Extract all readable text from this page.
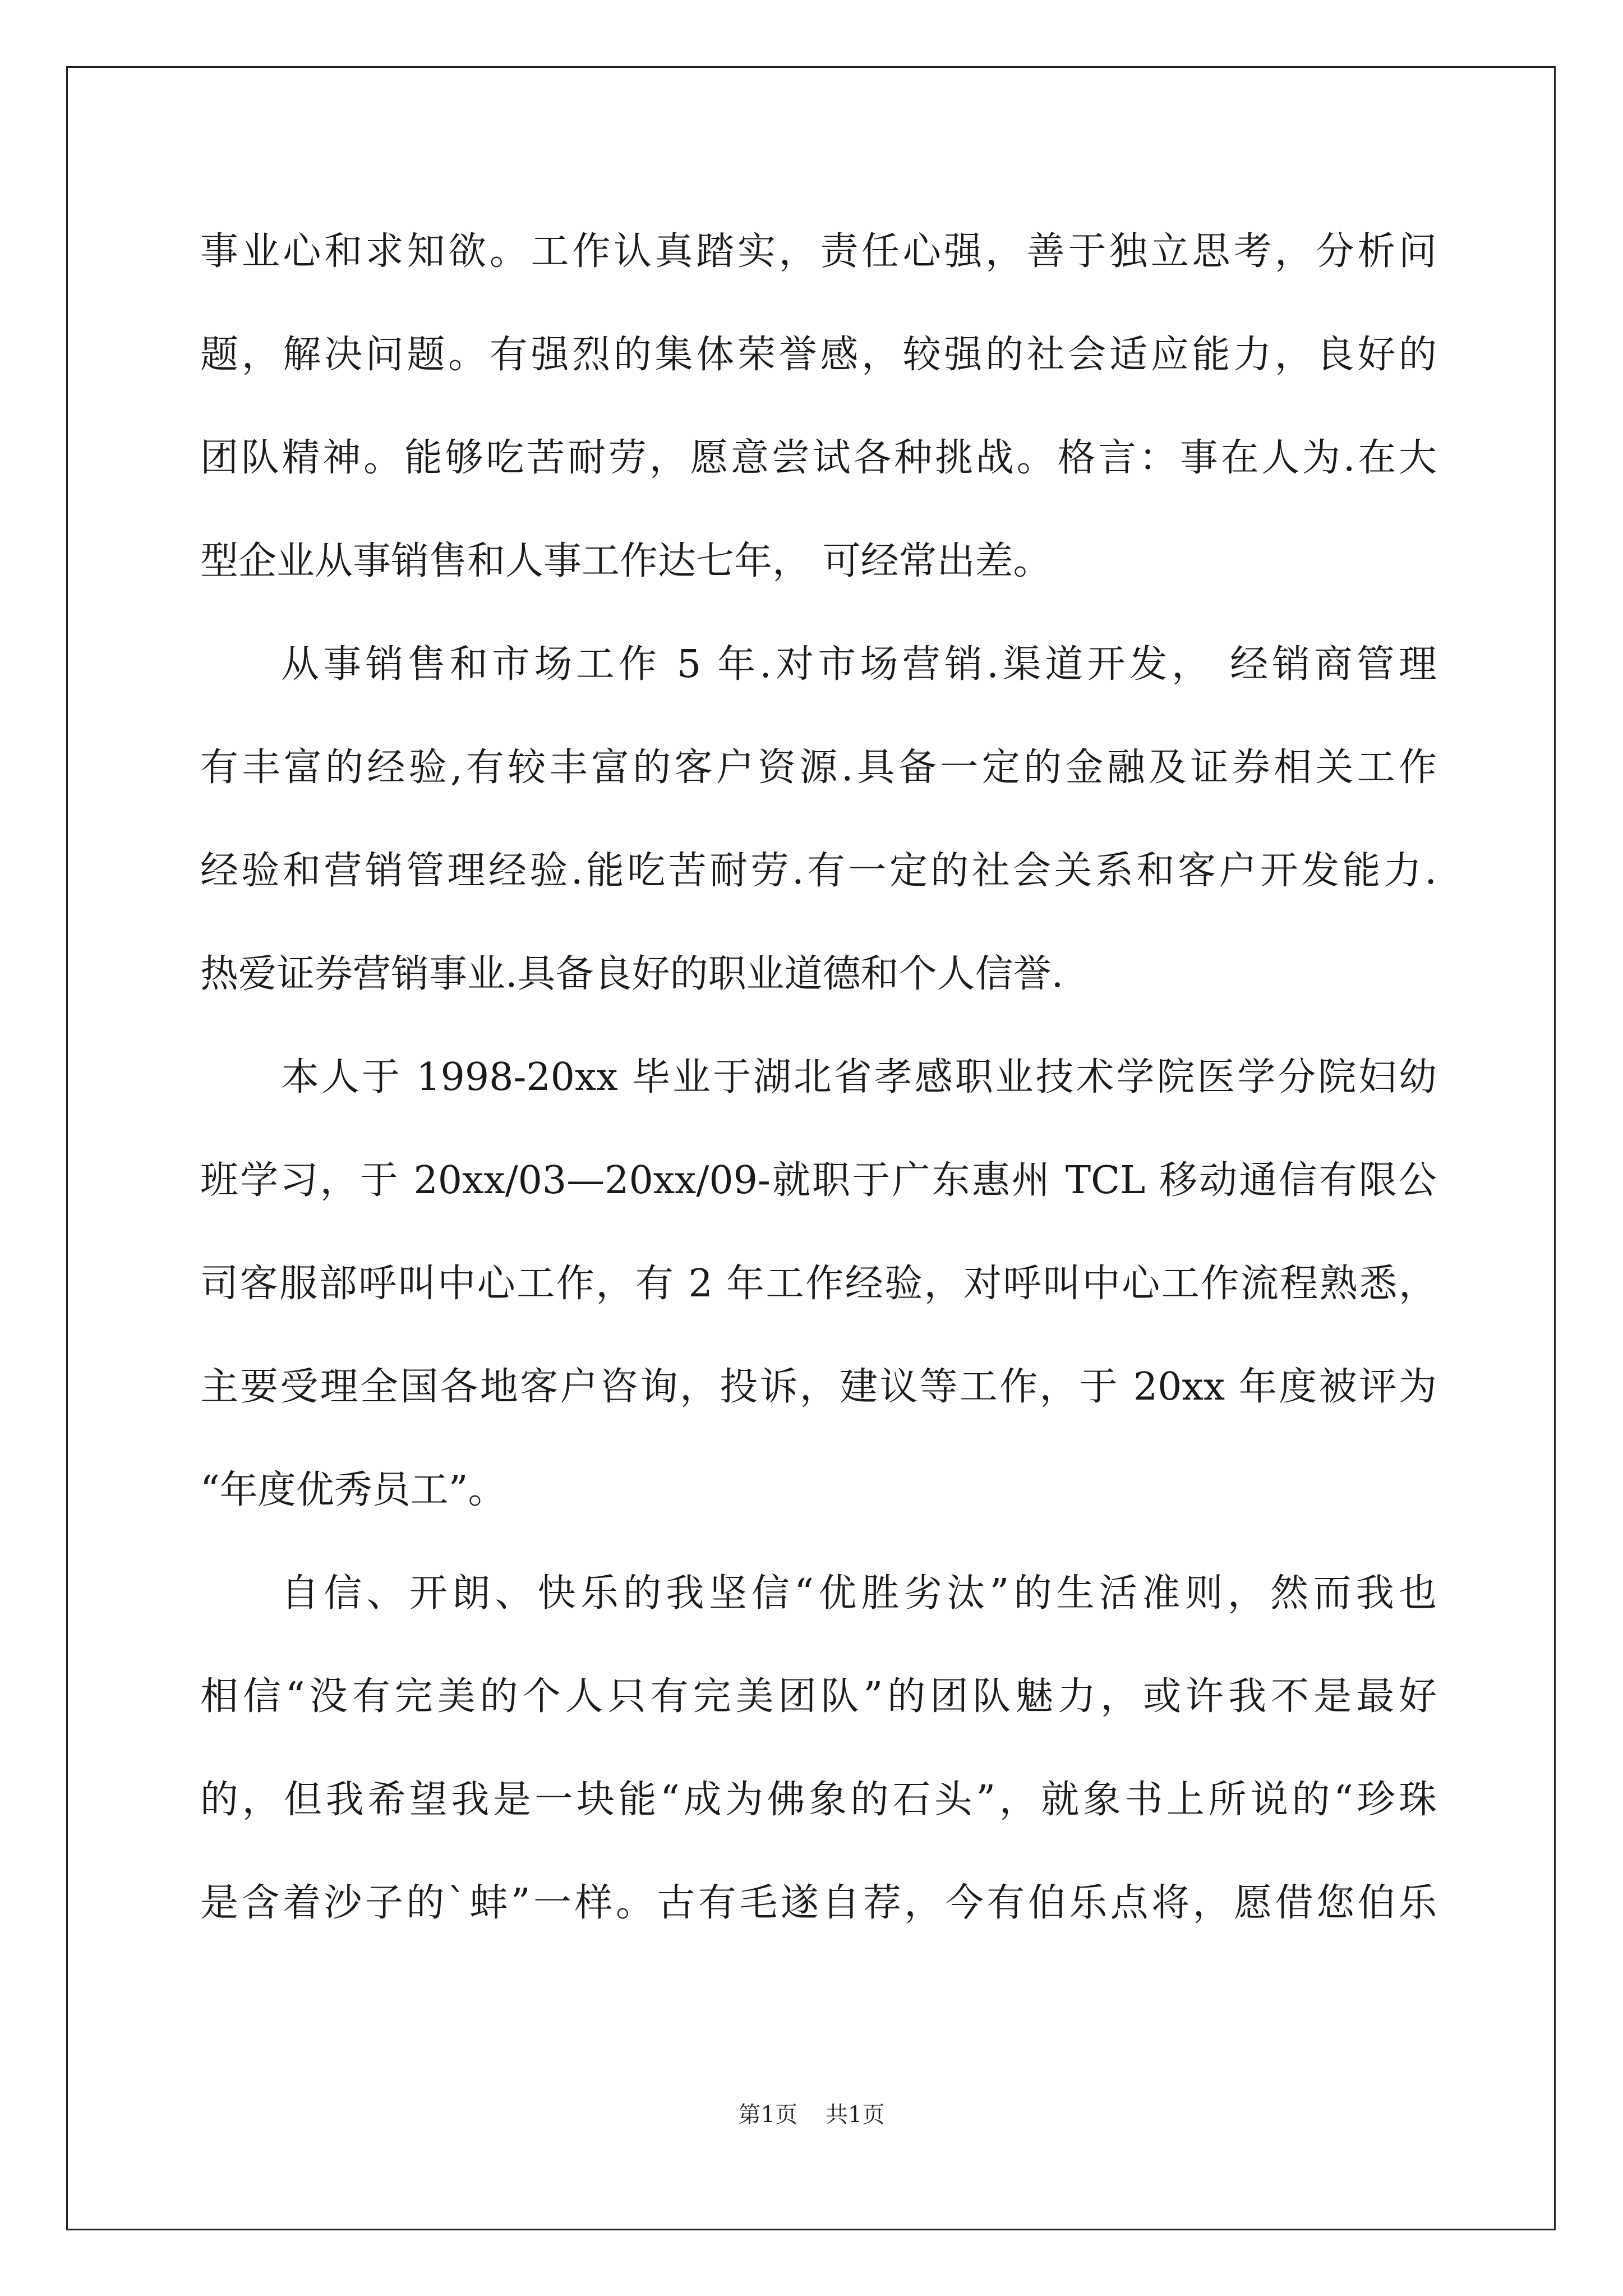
事业心和求知欲。工作认真踏实，责任心强，善于独立思考，分析问
题，解决问题。有强烈的集体荣誉感，较强的社会适应能力，良好的
团队精神。能够吃苦耐劳，愿意尝试各种挑战。格言：事在人为.在大
型企业从事销售和人事工作达七年， 可经常出差。
从事销售和市场工作 5 年.对市场营销.渠道开发， 经销商管理
有丰富的经验,有较丰富的客户资源.具备一定的金融及证券相关工作
经验和营销管理经验.能吃苦耐劳.有一定的社会关系和客户开发能力.
热爱证券营销事业.具备良好的职业道德和个人信誉.
本人于 1998-20xx 毕业于湖北省孝感职业技术学院医学分院妇幼
班学习，于 20xx/03—20xx/09-就职于广东惠州 TCL 移动通信有限公
司客服部呼叫中心工作，有 2 年工作经验，对呼叫中心工作流程熟悉，
主要受理全国各地客户咨询，投诉，建议等工作，于 20xx 年度被评为
“年度优秀员工”。
自信、开朗、快乐的我坚信“优胜劣汰”的生活准则，然而我也
相信“没有完美的个人只有完美团队”的团队魅力，或许我不是最好
的，但我希望我是一块能“成为佛象的石头”，就象书上所说的“珍珠
是含着沙子的`蚌”一样。古有毛遂自荐，今有伯乐点将，愿借您伯乐
第1页 共1页
